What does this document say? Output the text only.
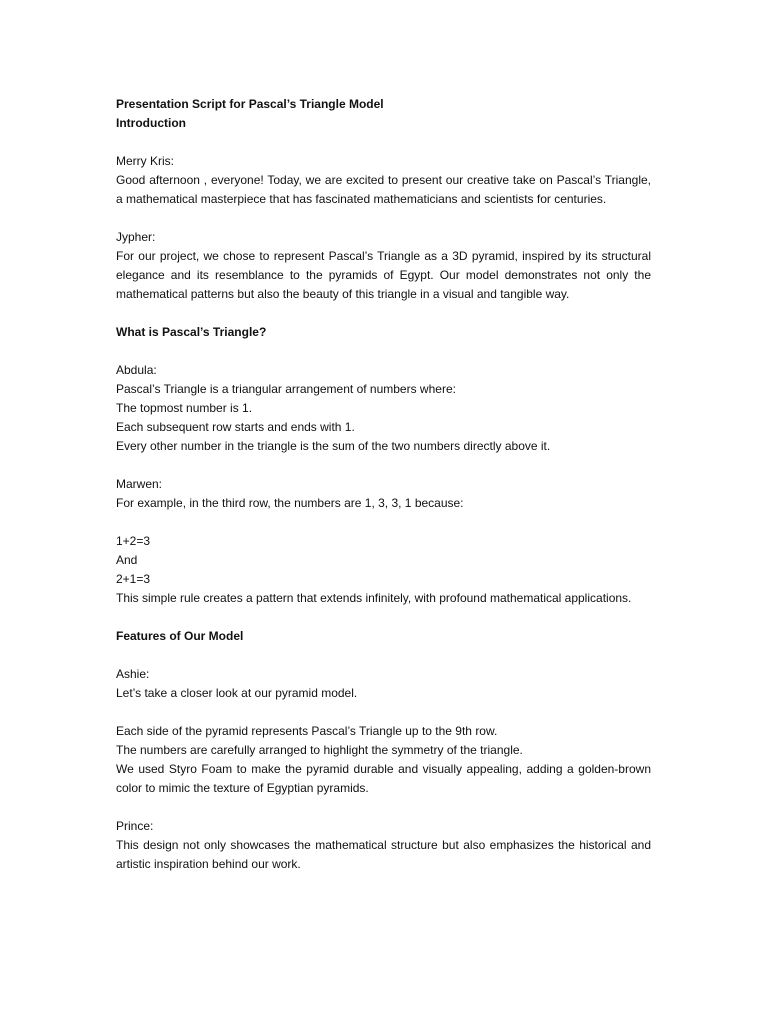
Presentation Script for Pascal’s Triangle Model
Introduction
Merry Kris:
Good afternoon , everyone! Today, we are excited to present our creative take on Pascal’s Triangle, a mathematical masterpiece that has fascinated mathematicians and scientists for centuries.
Jypher:
For our project, we chose to represent Pascal’s Triangle as a 3D pyramid, inspired by its structural elegance and its resemblance to the pyramids of Egypt. Our model demonstrates not only the mathematical patterns but also the beauty of this triangle in a visual and tangible way.
What is Pascal’s Triangle?
Abdula:
Pascal’s Triangle is a triangular arrangement of numbers where:
The topmost number is 1.
Each subsequent row starts and ends with 1.
Every other number in the triangle is the sum of the two numbers directly above it.
Marwen:
For example, in the third row, the numbers are 1, 3, 3, 1 because:
1+2=3
And
2+1=3
This simple rule creates a pattern that extends infinitely, with profound mathematical applications.
Features of Our Model
Ashie:
Let’s take a closer look at our pyramid model.
Each side of the pyramid represents Pascal’s Triangle up to the 9th row.
The numbers are carefully arranged to highlight the symmetry of the triangle.
We used Styro Foam to make the pyramid durable and visually appealing, adding a golden-brown color to mimic the texture of Egyptian pyramids.
Prince:
This design not only showcases the mathematical structure but also emphasizes the historical and artistic inspiration behind our work.
